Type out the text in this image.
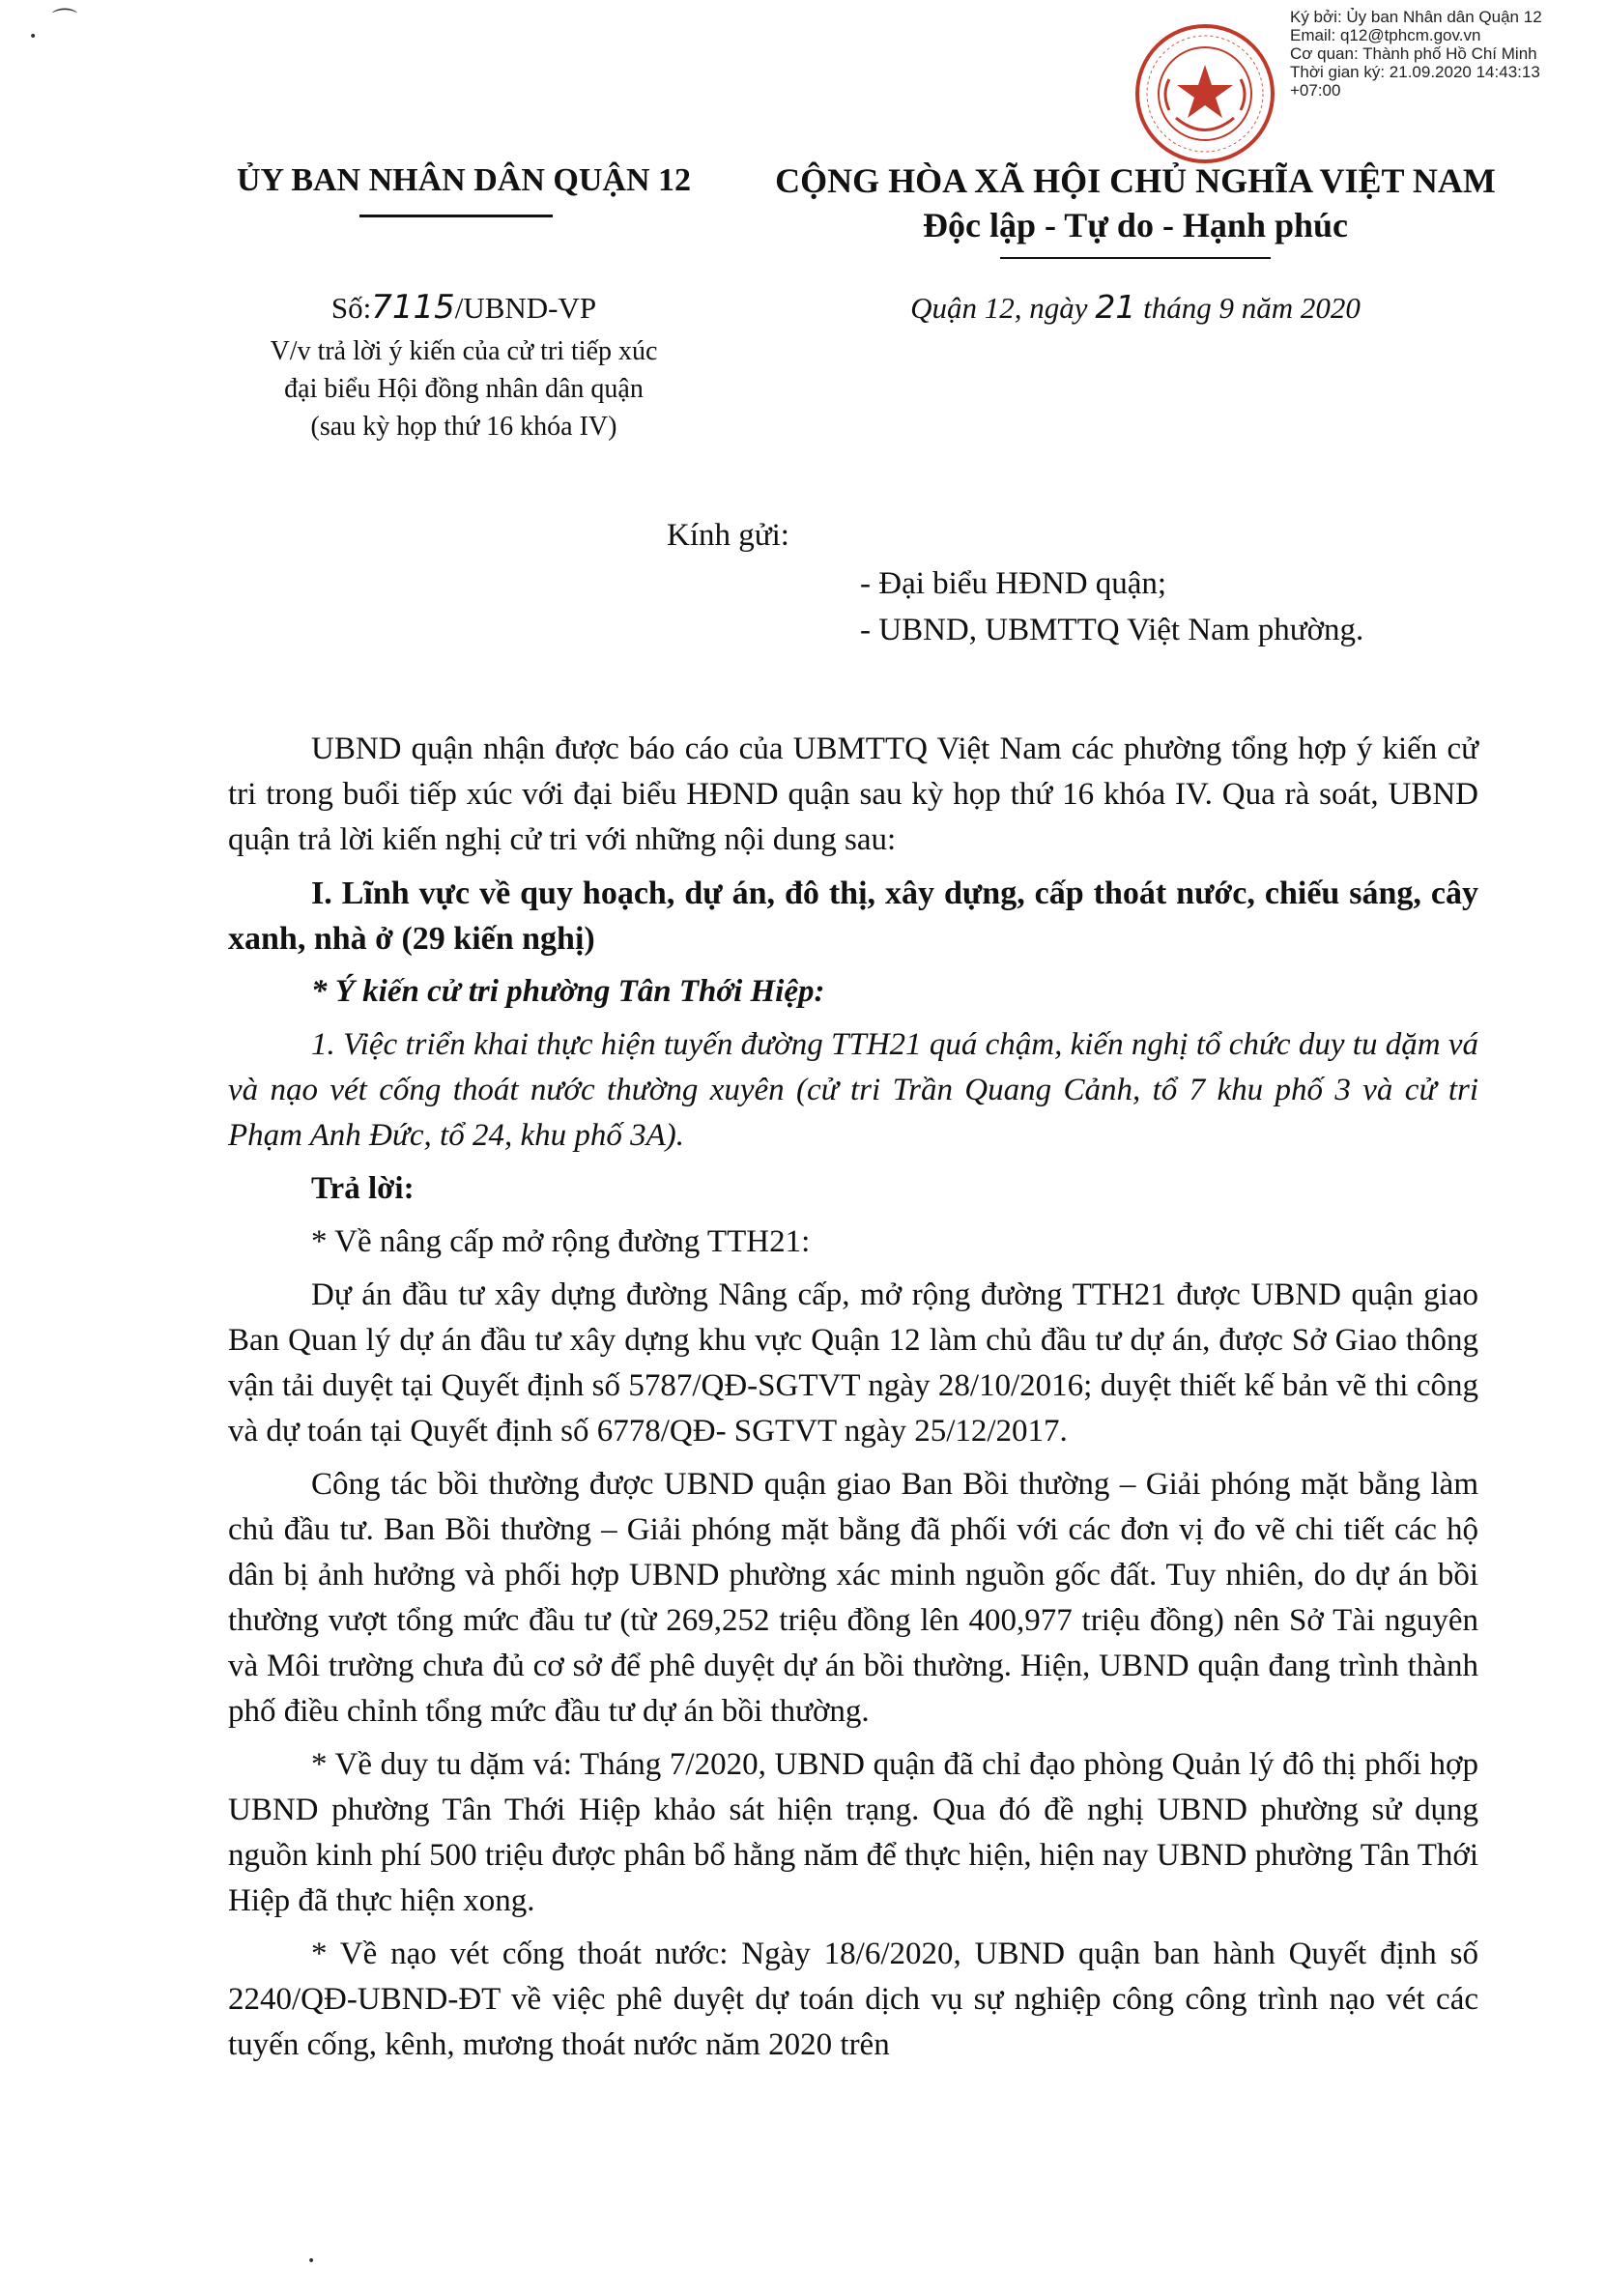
⌒
•
•
Ký bởi: Ủy ban Nhân dân Quận 12
Email: q12@tphcm.gov.vn
Cơ quan: Thành phố Hồ Chí Minh
Thời gian ký: 21.09.2020 14:43:13 +07:00
ỦY BAN NHÂN DÂN QUẬN 12	CỘNG HÒA XÃ HỘI CHỦ NGHĨA VIỆT NAM
Độc lập - Tự do - Hạnh phúc
Số:7115/UBND-VP	Quận 12, ngày 21 tháng 9 năm 2020
V/v trả lời ý kiến của cử tri tiếp xúc
đại biểu Hội đồng nhân dân quận
(sau kỳ họp thứ 16 khóa IV)
Kính gửi:
- Đại biểu HĐND quận;
- UBND, UBMTTQ Việt Nam phường.

UBND quận nhận được báo cáo của UBMTTQ Việt Nam các phường tổng hợp ý kiến cử tri trong buổi tiếp xúc với đại biểu HĐND quận sau kỳ họp thứ 16 khóa IV. Qua rà soát, UBND quận trả lời kiến nghị cử tri với những nội dung sau:

I. Lĩnh vực về quy hoạch, dự án, đô thị, xây dựng, cấp thoát nước, chiếu sáng, cây xanh, nhà ở (29 kiến nghị)

* Ý kiến cử tri phường Tân Thới Hiệp:

1. Việc triển khai thực hiện tuyến đường TTH21 quá chậm, kiến nghị tổ chức duy tu dặm vá và nạo vét cống thoát nước thường xuyên (cử tri Trần Quang Cảnh, tổ 7 khu phố 3 và cử tri Phạm Anh Đức, tổ 24, khu phố 3A).

Trả lời:

* Về nâng cấp mở rộng đường TTH21:

Dự án đầu tư xây dựng đường Nâng cấp, mở rộng đường TTH21 được UBND quận giao Ban Quan lý dự án đầu tư xây dựng khu vực Quận 12 làm chủ đầu tư dự án, được Sở Giao thông vận tải duyệt tại Quyết định số 5787/QĐ-SGTVT ngày 28/10/2016; duyệt thiết kế bản vẽ thi công và dự toán tại Quyết định số 6778/QĐ- SGTVT ngày 25/12/2017.

Công tác bồi thường được UBND quận giao Ban Bồi thường – Giải phóng mặt bằng làm chủ đầu tư. Ban Bồi thường – Giải phóng mặt bằng đã phối với các đơn vị đo vẽ chi tiết các hộ dân bị ảnh hưởng và phối hợp UBND phường xác minh nguồn gốc đất. Tuy nhiên, do dự án bồi thường vượt tổng mức đầu tư (từ 269,252 triệu đồng lên 400,977 triệu đồng) nên Sở Tài nguyên và Môi trường chưa đủ cơ sở để phê duyệt dự án bồi thường. Hiện, UBND quận đang trình thành phố điều chỉnh tổng mức đầu tư dự án bồi thường.

* Về duy tu dặm vá: Tháng 7/2020, UBND quận đã chỉ đạo phòng Quản lý đô thị phối hợp UBND phường Tân Thới Hiệp khảo sát hiện trạng. Qua đó đề nghị UBND phường sử dụng nguồn kinh phí 500 triệu được phân bổ hằng năm để thực hiện, hiện nay UBND phường Tân Thới Hiệp đã thực hiện xong.

* Về nạo vét cống thoát nước: Ngày 18/6/2020, UBND quận ban hành Quyết định số 2240/QĐ-UBND-ĐT về việc phê duyệt dự toán dịch vụ sự nghiệp công công trình nạo vét các tuyến cống, kênh, mương thoát nước năm 2020 trên
